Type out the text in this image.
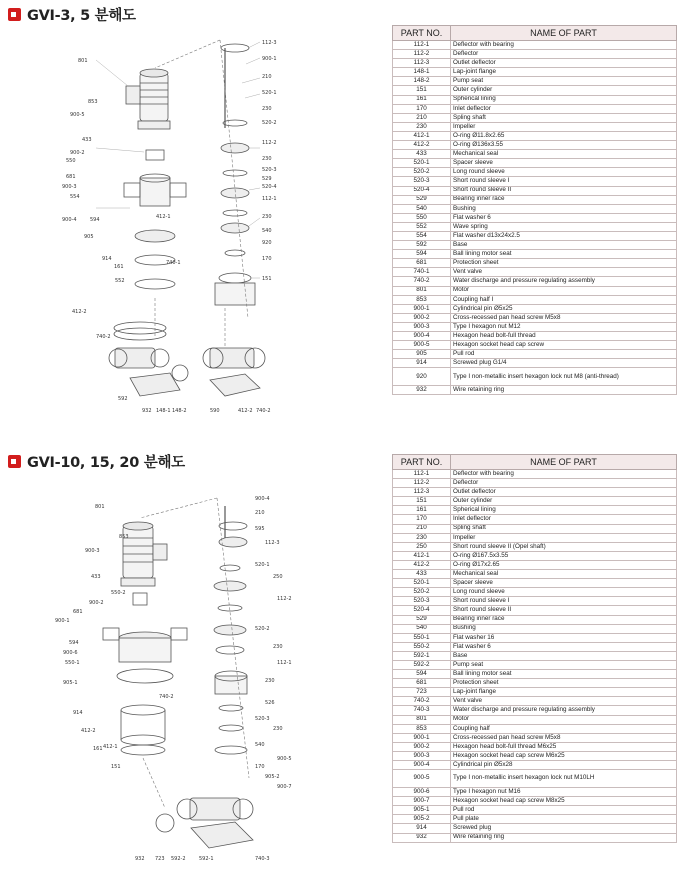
GVI-3, 5 분해도
112-3
900-1
210
520-1
230
520-2
112-2
230
520-3
529
520-4
112-1
230
540
920
170
151
801
853
900-5
433
900-2
550
681
900-3
554
900-4	594
905
412-1
914
161
552
740-1
412-2
740-2
592
932 148-1 148-2	590	412-2 740-2
PART NO.	NAME OF PART
112-1	Deflector with bearing
112-2	Deflector
112-3	Outlet deflector
148-1	Lap-joint flange
148-2	Pump seat
151	Outer cylinder
161	Spherical lining
170	Inlet deflector
210	Spling shaft
230	Impeller
412-1	O-ring Ø11.8x2.65
412-2	O-ring Ø136x3.55
433	Mechanical seal
520-1	Spacer sleeve
520-2	Long round sleeve
520-3	Short round sleeve I
520-4	Short round sleeve II
529	Bearing inner race
540	Bushing
550	Flat washer 6
552	Wave spring
554	Flat washer d13x24x2.5
592	Base
594	Ball lining motor seat
681	Protection sheet
740-1	Vent valve
740-2	Water discharge and pressure regulating assembly
801	Motor
853	Coupling half I
900-1	Cylindrical pin Ø5x25
900-2	Cross-recessed pan head screw M5x8
900-3	Type I hexagon nut M12
900-4	Hexagon head bolt-full thread
900-5	Hexagon socket head cap screw
905	Pull rod
914	Screwed plug G1/4
920	Type I non-metallic insert hexagon lock nut M8 (anti-thread)
932	Wire retaining ring
GVI-10, 15, 20 분해도
900-4
210
595
112-3
520-1
250
112-2
520-2
230
112-1
230
526
520-3
230
540
900-5
170
905-2
900-7
801
853
900-3
433
550-2
681
900-2
900-1
594
900-6
550-1
905-1
914
412-2
740-2
161 412-1
151
932 723 592-2	592-1	740-3
PART NO.	NAME OF PART
112-1	Deflector with bearing
112-2	Deflector
112-3	Outlet deflector
151	Outer cylinder
161	Spherical lining
170	Inlet deflector
210	Spling shaft
230	Impeller
250	Short round sleeve II (Opel shaft)
412-1	O-ring Ø167.5x3.55
412-2	O-ring Ø17x2.65
433	Mechanical seal
520-1	Spacer sleeve
520-2	Long round sleeve
520-3	Short round sleeve I
520-4	Short round sleeve II
529	Bearing inner race
540	Bushing
550-1	Flat washer 16
550-2	Flat washer 6
592-1	Base
592-2	Pump seat
594	Ball lining motor seat
681	Protection sheet
723	Lap-joint flange
740-2	Vent valve
740-3	Water discharge and pressure regulating assembly
801	Motor
853	Coupling half
900-1	Cross-recessed pan head screw M5x8
900-2	Hexagon head bolt-full thread M6x25
900-3	Hexagon socket head cap screw M6x25
900-4	Cylindrical pin Ø5x28
900-5	Type I non-metallic insert hexagon lock nut M10LH
900-6	Type I hexagon nut M16
900-7	Hexagon socket head cap screw M8x25
905-1	Pull rod
905-2	Pull plate
914	Screwed plug
932	Wire retaining ring
